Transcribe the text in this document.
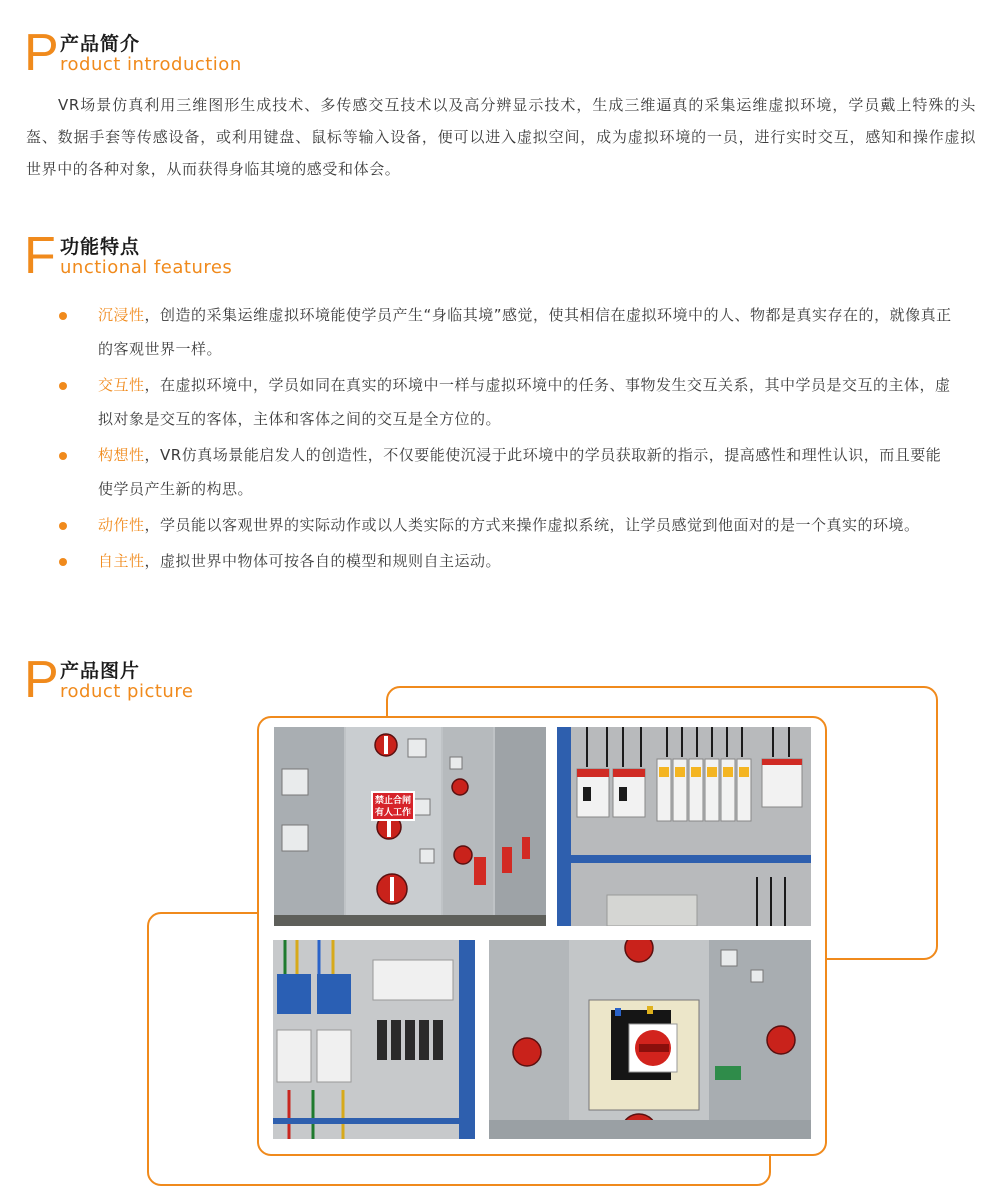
P 产品简介
roduct introduction

VR场景仿真利用三维图形生成技术、多传感交互技术以及高分辨显示技术，生成三维逼真的采集运维虚拟环境，学员戴上特殊的头盔、数据手套等传感设备，或利用键盘、鼠标等输入设备，便可以进入虚拟空间，成为虚拟环境的一员，进行实时交互，感知和操作虚拟世界中的各种对象，从而获得身临其境的感受和体会。

F 功能特点
unctional features
沉浸性，创造的采集运维虚拟环境能使学员产生“身临其境”感觉，使其相信在虚拟环境中的人、物都是真实存在的，就像真正的客观世界一样。
交互性，在虚拟环境中，学员如同在真实的环境中一样与虚拟环境中的任务、事物发生交互关系，其中学员是交互的主体，虚拟对象是交互的客体，主体和客体之间的交互是全方位的。
构想性，VR仿真场景能启发人的创造性，不仅要能使沉浸于此环境中的学员获取新的指示，提高感性和理性认识，而且要能使学员产生新的构思。
动作性，学员能以客观世界的实际动作或以人类实际的方式来操作虚拟系统，让学员感觉到他面对的是一个真实的环境。
自主性，虚拟世界中物体可按各自的模型和规则自主运动。
P 产品图片
roduct picture
禁止合闸
有人工作
